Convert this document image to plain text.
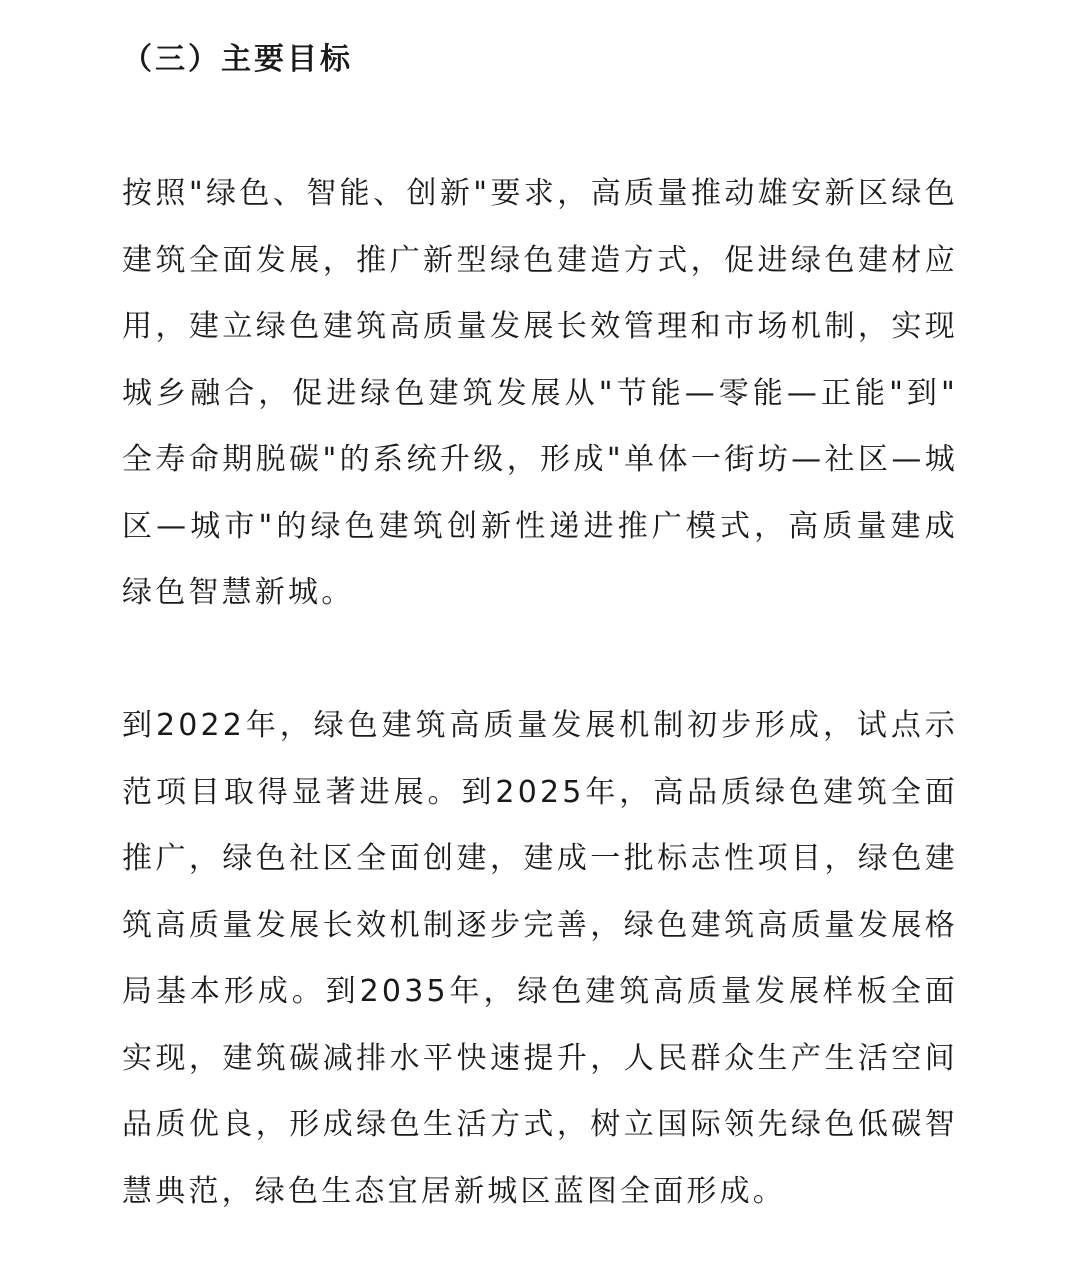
（三）主要目标

按照"绿色、智能、创新"要求，高质量推动雄安新区绿色建筑全面发展，推广新型绿色建造方式，促进绿色建材应用，建立绿色建筑高质量发展长效管理和市场机制，实现城乡融合，促进绿色建筑发展从"节能—零能—正能"到"全寿命期脱碳"的系统升级，形成"单体一街坊—社区—城区—城市"的绿色建筑创新性递进推广模式，高质量建成绿色智慧新城。

到2022年，绿色建筑高质量发展机制初步形成，试点示范项目取得显著进展。到2025年，高品质绿色建筑全面推广，绿色社区全面创建，建成一批标志性项目，绿色建筑高质量发展长效机制逐步完善，绿色建筑高质量发展格局基本形成。到2035年，绿色建筑高质量发展样板全面实现，建筑碳减排水平快速提升，人民群众生产生活空间品质优良，形成绿色生活方式，树立国际领先绿色低碳智慧典范，绿色生态宜居新城区蓝图全面形成。
